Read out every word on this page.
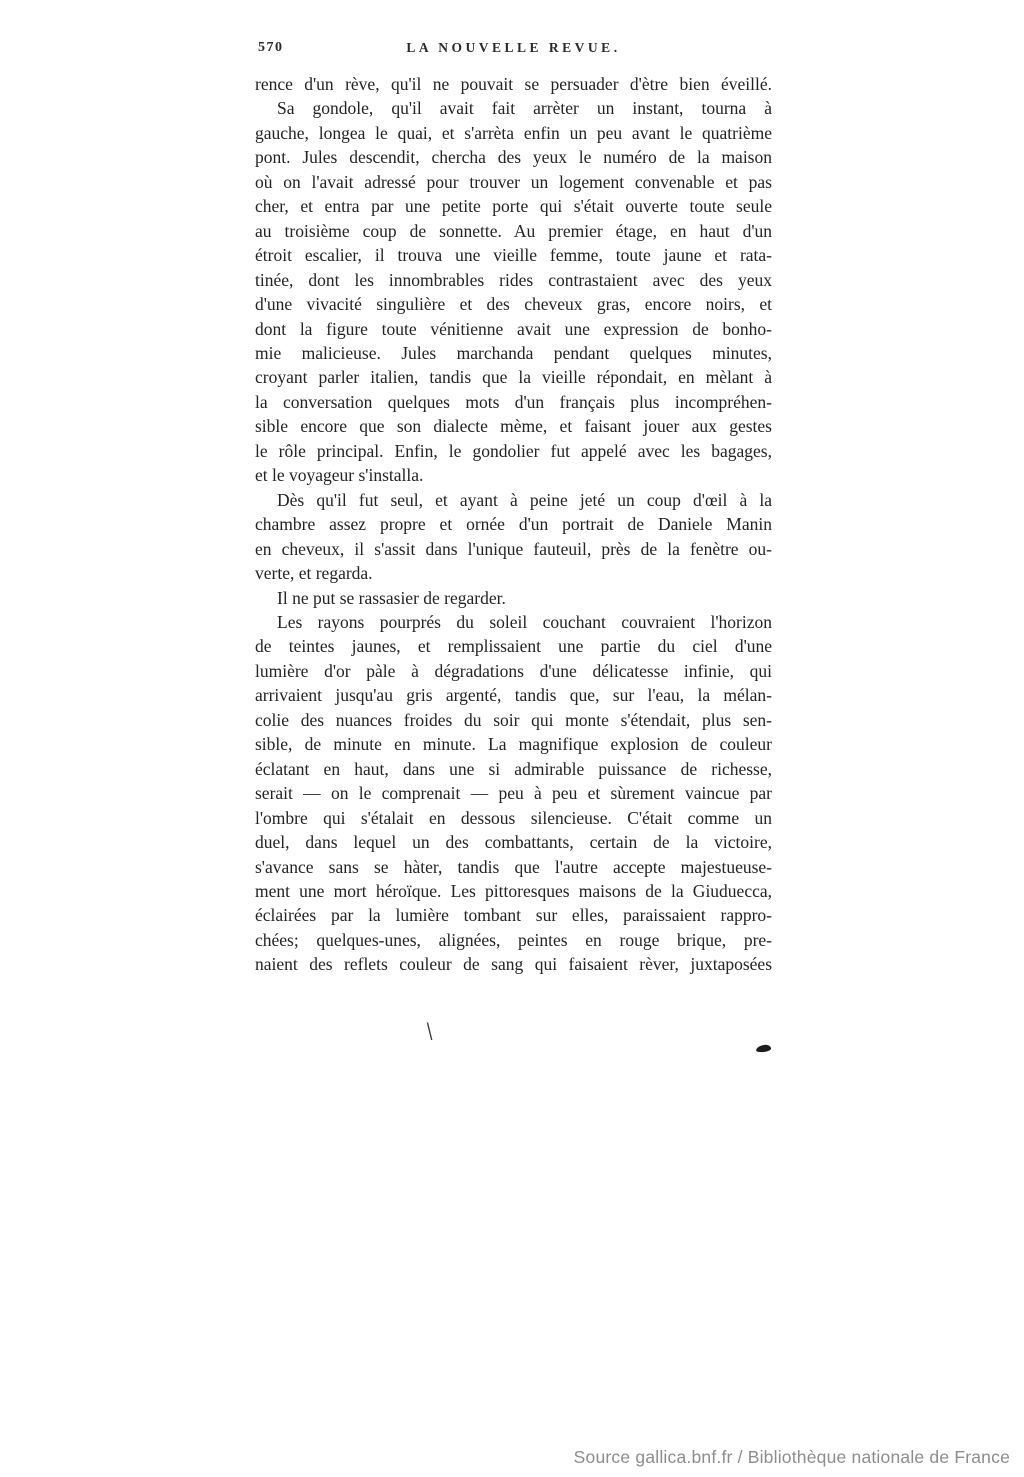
570	LA NOUVELLE REVUE.
rence d'un rève, qu'il ne pouvait se persuader d'ètre bien éveillé.
Sa gondole, qu'il avait fait arrèter un instant, tourna à
gauche, longea le quai, et s'arrèta enfin un peu avant le quatrième
pont. Jules descendit, chercha des yeux le numéro de la maison
où on l'avait adressé pour trouver un logement convenable et pas
cher, et entra par une petite porte qui s'était ouverte toute seule
au troisième coup de sonnette. Au premier étage, en haut d'un
étroit escalier, il trouva une vieille femme, toute jaune et rata-
tinée, dont les innombrables rides contrastaient avec des yeux
d'une vivacité singulière et des cheveux gras, encore noirs, et
dont la figure toute vénitienne avait une expression de bonho-
mie malicieuse. Jules marchanda pendant quelques minutes,
croyant parler italien, tandis que la vieille répondait, en mèlant à
la conversation quelques mots d'un français plus incompréhen-
sible encore que son dialecte mème, et faisant jouer aux gestes
le rôle principal. Enfin, le gondolier fut appelé avec les bagages,
et le voyageur s'installa.
Dès qu'il fut seul, et ayant à peine jeté un coup d'œil à la
chambre assez propre et ornée d'un portrait de Daniele Manin
en cheveux, il s'assit dans l'unique fauteuil, près de la fenètre ou-
verte, et regarda.
Il ne put se rassasier de regarder.
Les rayons pourprés du soleil couchant couvraient l'horizon
de teintes jaunes, et remplissaient une partie du ciel d'une
lumière d'or pàle à dégradations d'une délicatesse infinie, qui
arrivaient jusqu'au gris argenté, tandis que, sur l'eau, la mélan-
colie des nuances froides du soir qui monte s'étendait, plus sen-
sible, de minute en minute. La magnifique explosion de couleur
éclatant en haut, dans une si admirable puissance de richesse,
serait — on le comprenait — peu à peu et sùrement vaincue par
l'ombre qui s'étalait en dessous silencieuse. C'était comme un
duel, dans lequel un des combattants, certain de la victoire,
s'avance sans se hàter, tandis que l'autre accepte majestueuse-
ment une mort héroïque. Les pittoresques maisons de la Giuduecca,
éclairées par la lumière tombant sur elles, paraissaient rappro-
chées; quelques-unes, alignées, peintes en rouge brique, pre-
naient des reflets couleur de sang qui faisaient rèver, juxtaposées
\
Source gallica.bnf.fr / Bibliothèque nationale de France
